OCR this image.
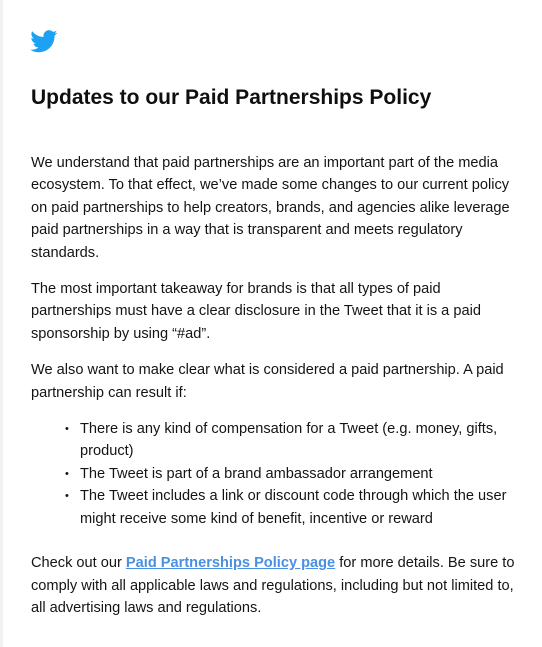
Updates to our Paid Partnerships Policy

We understand that paid partnerships are an important part of the media ecosystem. To that effect, we’ve made some changes to our current policy on paid partnerships to help creators, brands, and agencies alike leverage paid partnerships in a way that is transparent and meets regulatory standards.

The most important takeaway for brands is that all types of paid partnerships must have a clear disclosure in the Tweet that it is a paid sponsorship by using “#ad”.

We also want to make clear what is considered a paid partnership. A paid partnership can result if:

• There is any kind of compensation for a Tweet (e.g. money, gifts, product)
• The Tweet is part of a brand ambassador arrangement
• The Tweet includes a link or discount code through which the user might receive some kind of benefit, incentive or reward

Check out our Paid Partnerships Policy page for more details. Be sure to comply with all applicable laws and regulations, including but not limited to, all advertising laws and regulations.
